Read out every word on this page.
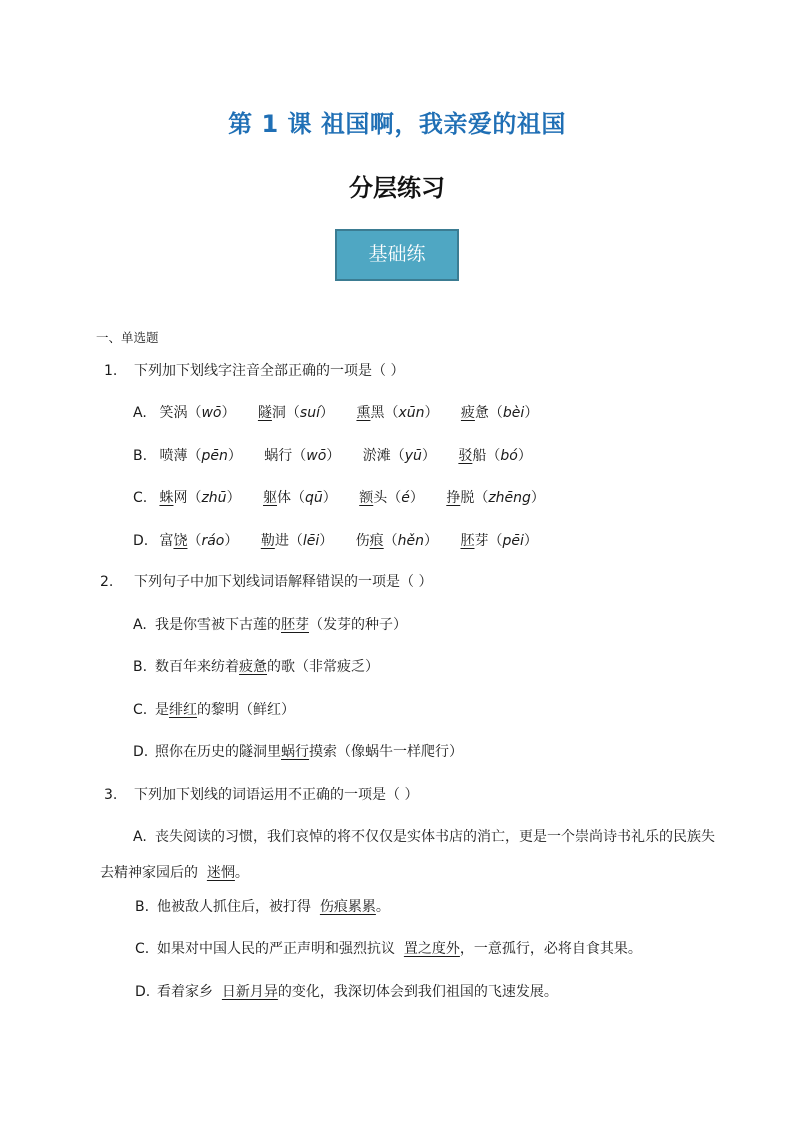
第 1 课 祖国啊，我亲爱的祖国
分层练习
基础练
一、单选题
1. 下列加下划线字注音全部正确的一项是（ ）
A. 笑涡（wō） 隧洞（suí） 熏黑（xūn） 疲惫（bèi）
B. 喷薄（pēn） 蜗行（wō） 淤滩（yū） 驳船（bó）
C. 蛛网（zhū） 躯体（qū） 额头（é） 挣脱（zhēng）
D. 富饶（ráo） 勒进（lēi） 伤痕（hěn） 胚芽（pēi）
2. 下列句子中加下划线词语解释错误的一项是（ ）
A. 我是你雪被下古莲的胚芽（发芽的种子）
B. 数百年来纺着疲惫的歌（非常疲乏）
C. 是绯红的黎明（鲜红）
D. 照你在历史的隧洞里蜗行摸索（像蜗牛一样爬行）
3. 下列加下划线的词语运用不正确的一项是（ ）
A. 丧失阅读的习惯，我们哀悼的将不仅仅是实体书店的消亡，更是一个崇尚诗书礼乐的民族失
去精神家园后的 迷惘。
B. 他被敌人抓住后，被打得 伤痕累累。
C. 如果对中国人民的严正声明和强烈抗议 置之度外，一意孤行，必将自食其果。
D. 看着家乡 日新月异的变化，我深切体会到我们祖国的飞速发展。
